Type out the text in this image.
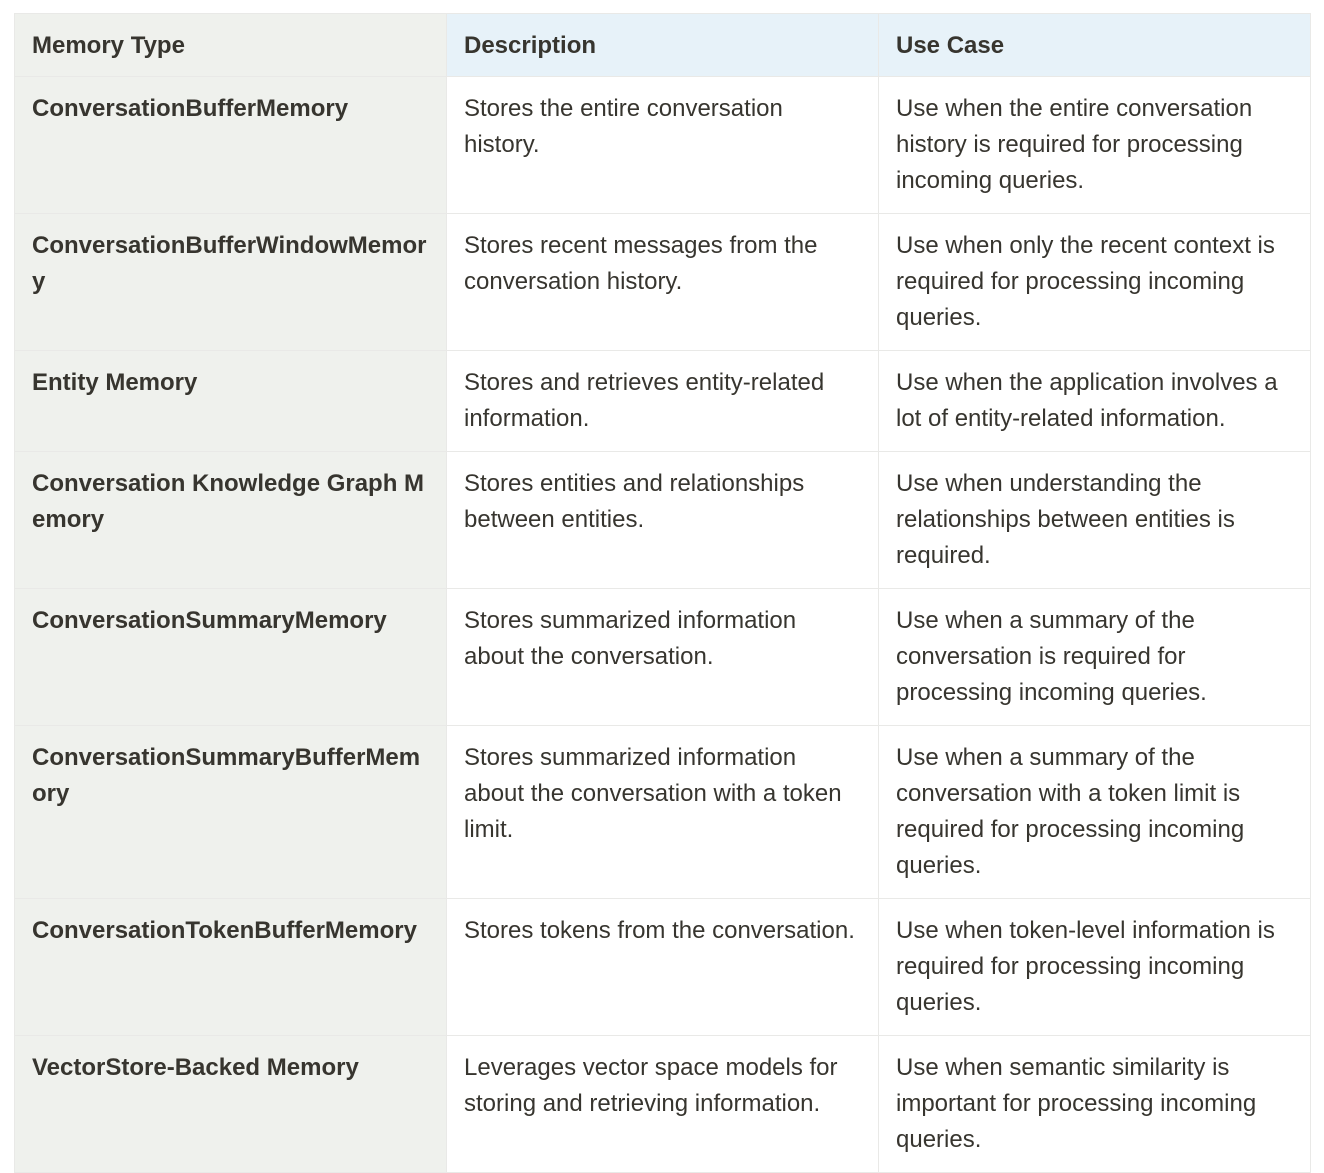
Memory Type	Description	Use Case
ConversationBufferMemory	Stores the entire conversation history.	Use when the entire conversation history is required for processing incoming queries.
ConversationBufferWindowMemory	Stores recent messages from the conversation history.	Use when only the recent context is required for processing incoming queries.
Entity Memory	Stores and retrieves entity-related information.	Use when the application involves a lot of entity-related information.
Conversation Knowledge Graph Memory	Stores entities and relationships between entities.	Use when understanding the relationships between entities is required.
ConversationSummaryMemory	Stores summarized information about the conversation.	Use when a summary of the conversation is required for processing incoming queries.
ConversationSummaryBufferMemory	Stores summarized information about the conversation with a token limit.	Use when a summary of the conversation with a token limit is required for processing incoming queries.
ConversationTokenBufferMemory	Stores tokens from the conversation.	Use when token-level information is required for processing incoming queries.
VectorStore-Backed Memory	Leverages vector space models for storing and retrieving information.	Use when semantic similarity is important for processing incoming queries.
